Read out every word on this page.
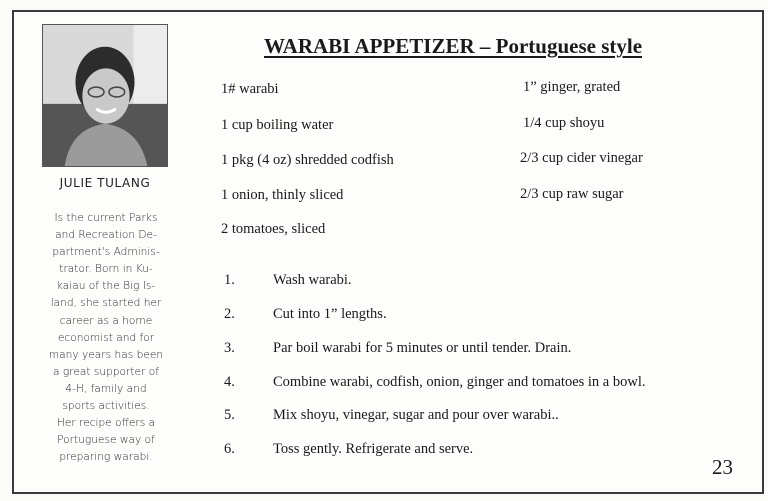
JULIE TULANG
Is the current Parks
and Recreation De-
partment's Adminis-
trator. Born in Ku-
kaiau of the Big Is-
land, she started her
career as a home
economist and for
many years has been
a great supporter of
4-H, family and
sports activities.
Her recipe offers a
Portuguese way of
preparing warabi.
WARABI APPETIZER – Portuguese style
1# warabi
1 cup boiling water
1 pkg (4 oz) shredded codfish
1 onion, thinly sliced
2 tomatoes, sliced
1” ginger, grated
1/4 cup shoyu
2/3 cup cider vinegar
2/3 cup raw sugar
1.	Wash warabi.
2.	Cut into 1” lengths.
3.	Par boil warabi for 5 minutes or until tender. Drain.
4.	Combine warabi, codfish, onion, ginger and tomatoes in a bowl.
5.	Mix shoyu, vinegar, sugar and pour over warabi..
6.	Toss gently. Refrigerate and serve.
23
